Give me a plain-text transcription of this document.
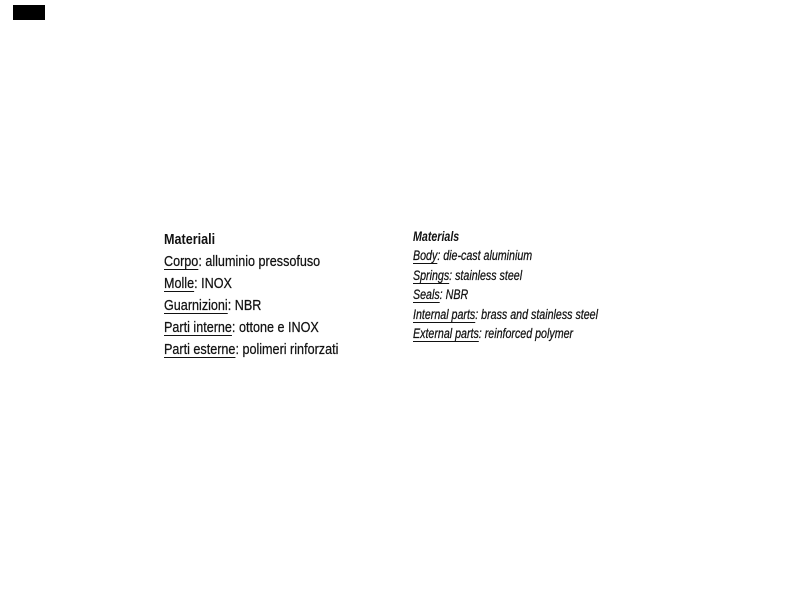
Materiali
Corpo: alluminio pressofuso
Molle: INOX
Guarnizioni: NBR
Parti interne: ottone e INOX
Parti esterne: polimeri rinforzati
Materials
Body: die-cast aluminium
Springs: stainless steel
Seals: NBR
Internal parts: brass and stainless steel
External parts: reinforced polymer
